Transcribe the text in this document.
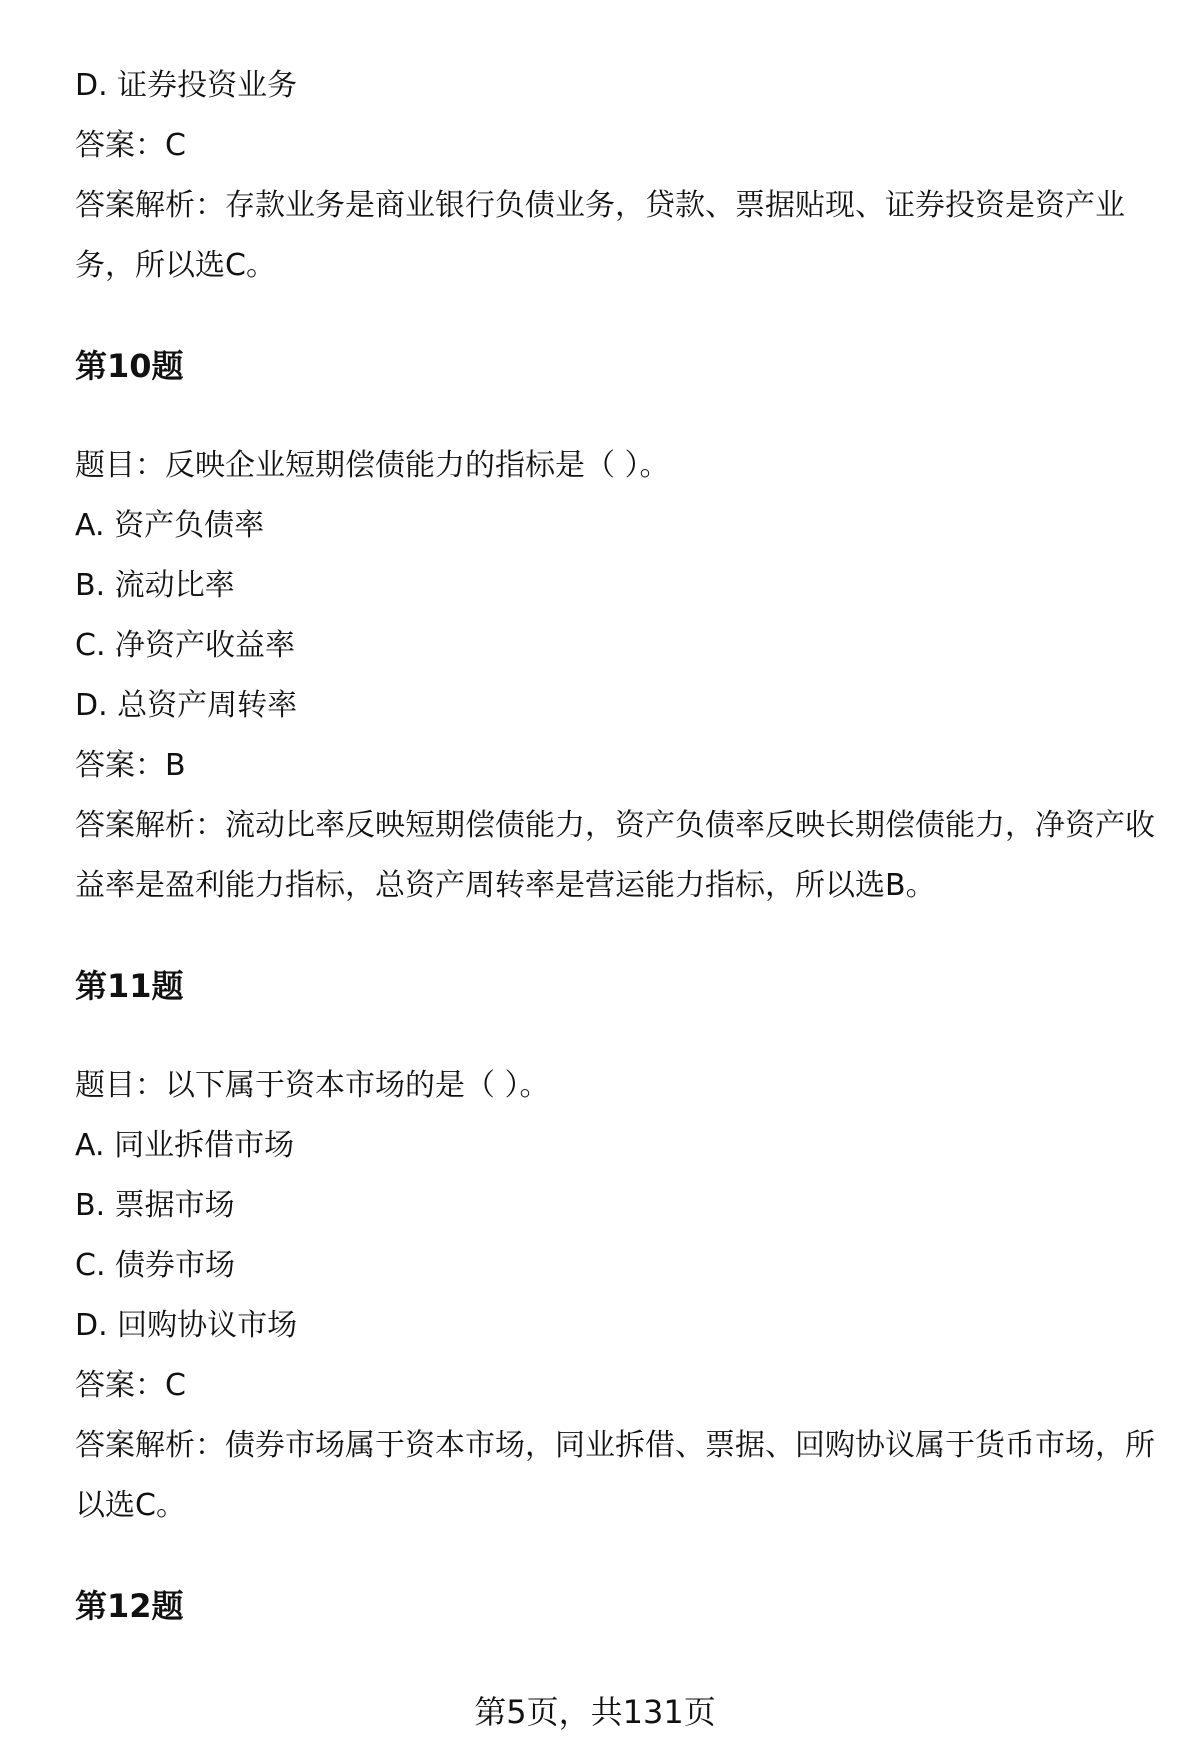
D. 证券投资业务
答案：C
答案解析：存款业务是商业银行负债业务，贷款、票据贴现、证券投资是资产业务，所以选C。
第10题
题目：反映企业短期偿债能力的指标是（ ）。
A. 资产负债率
B. 流动比率
C. 净资产收益率
D. 总资产周转率
答案：B
答案解析：流动比率反映短期偿债能力，资产负债率反映长期偿债能力，净资产收益率是盈利能力指标，总资产周转率是营运能力指标，所以选B。
第11题
题目：以下属于资本市场的是（ ）。
A. 同业拆借市场
B. 票据市场
C. 债券市场
D. 回购协议市场
答案：C
答案解析：债券市场属于资本市场，同业拆借、票据、回购协议属于货币市场，所以选C。
第12题
第5页，共131页
